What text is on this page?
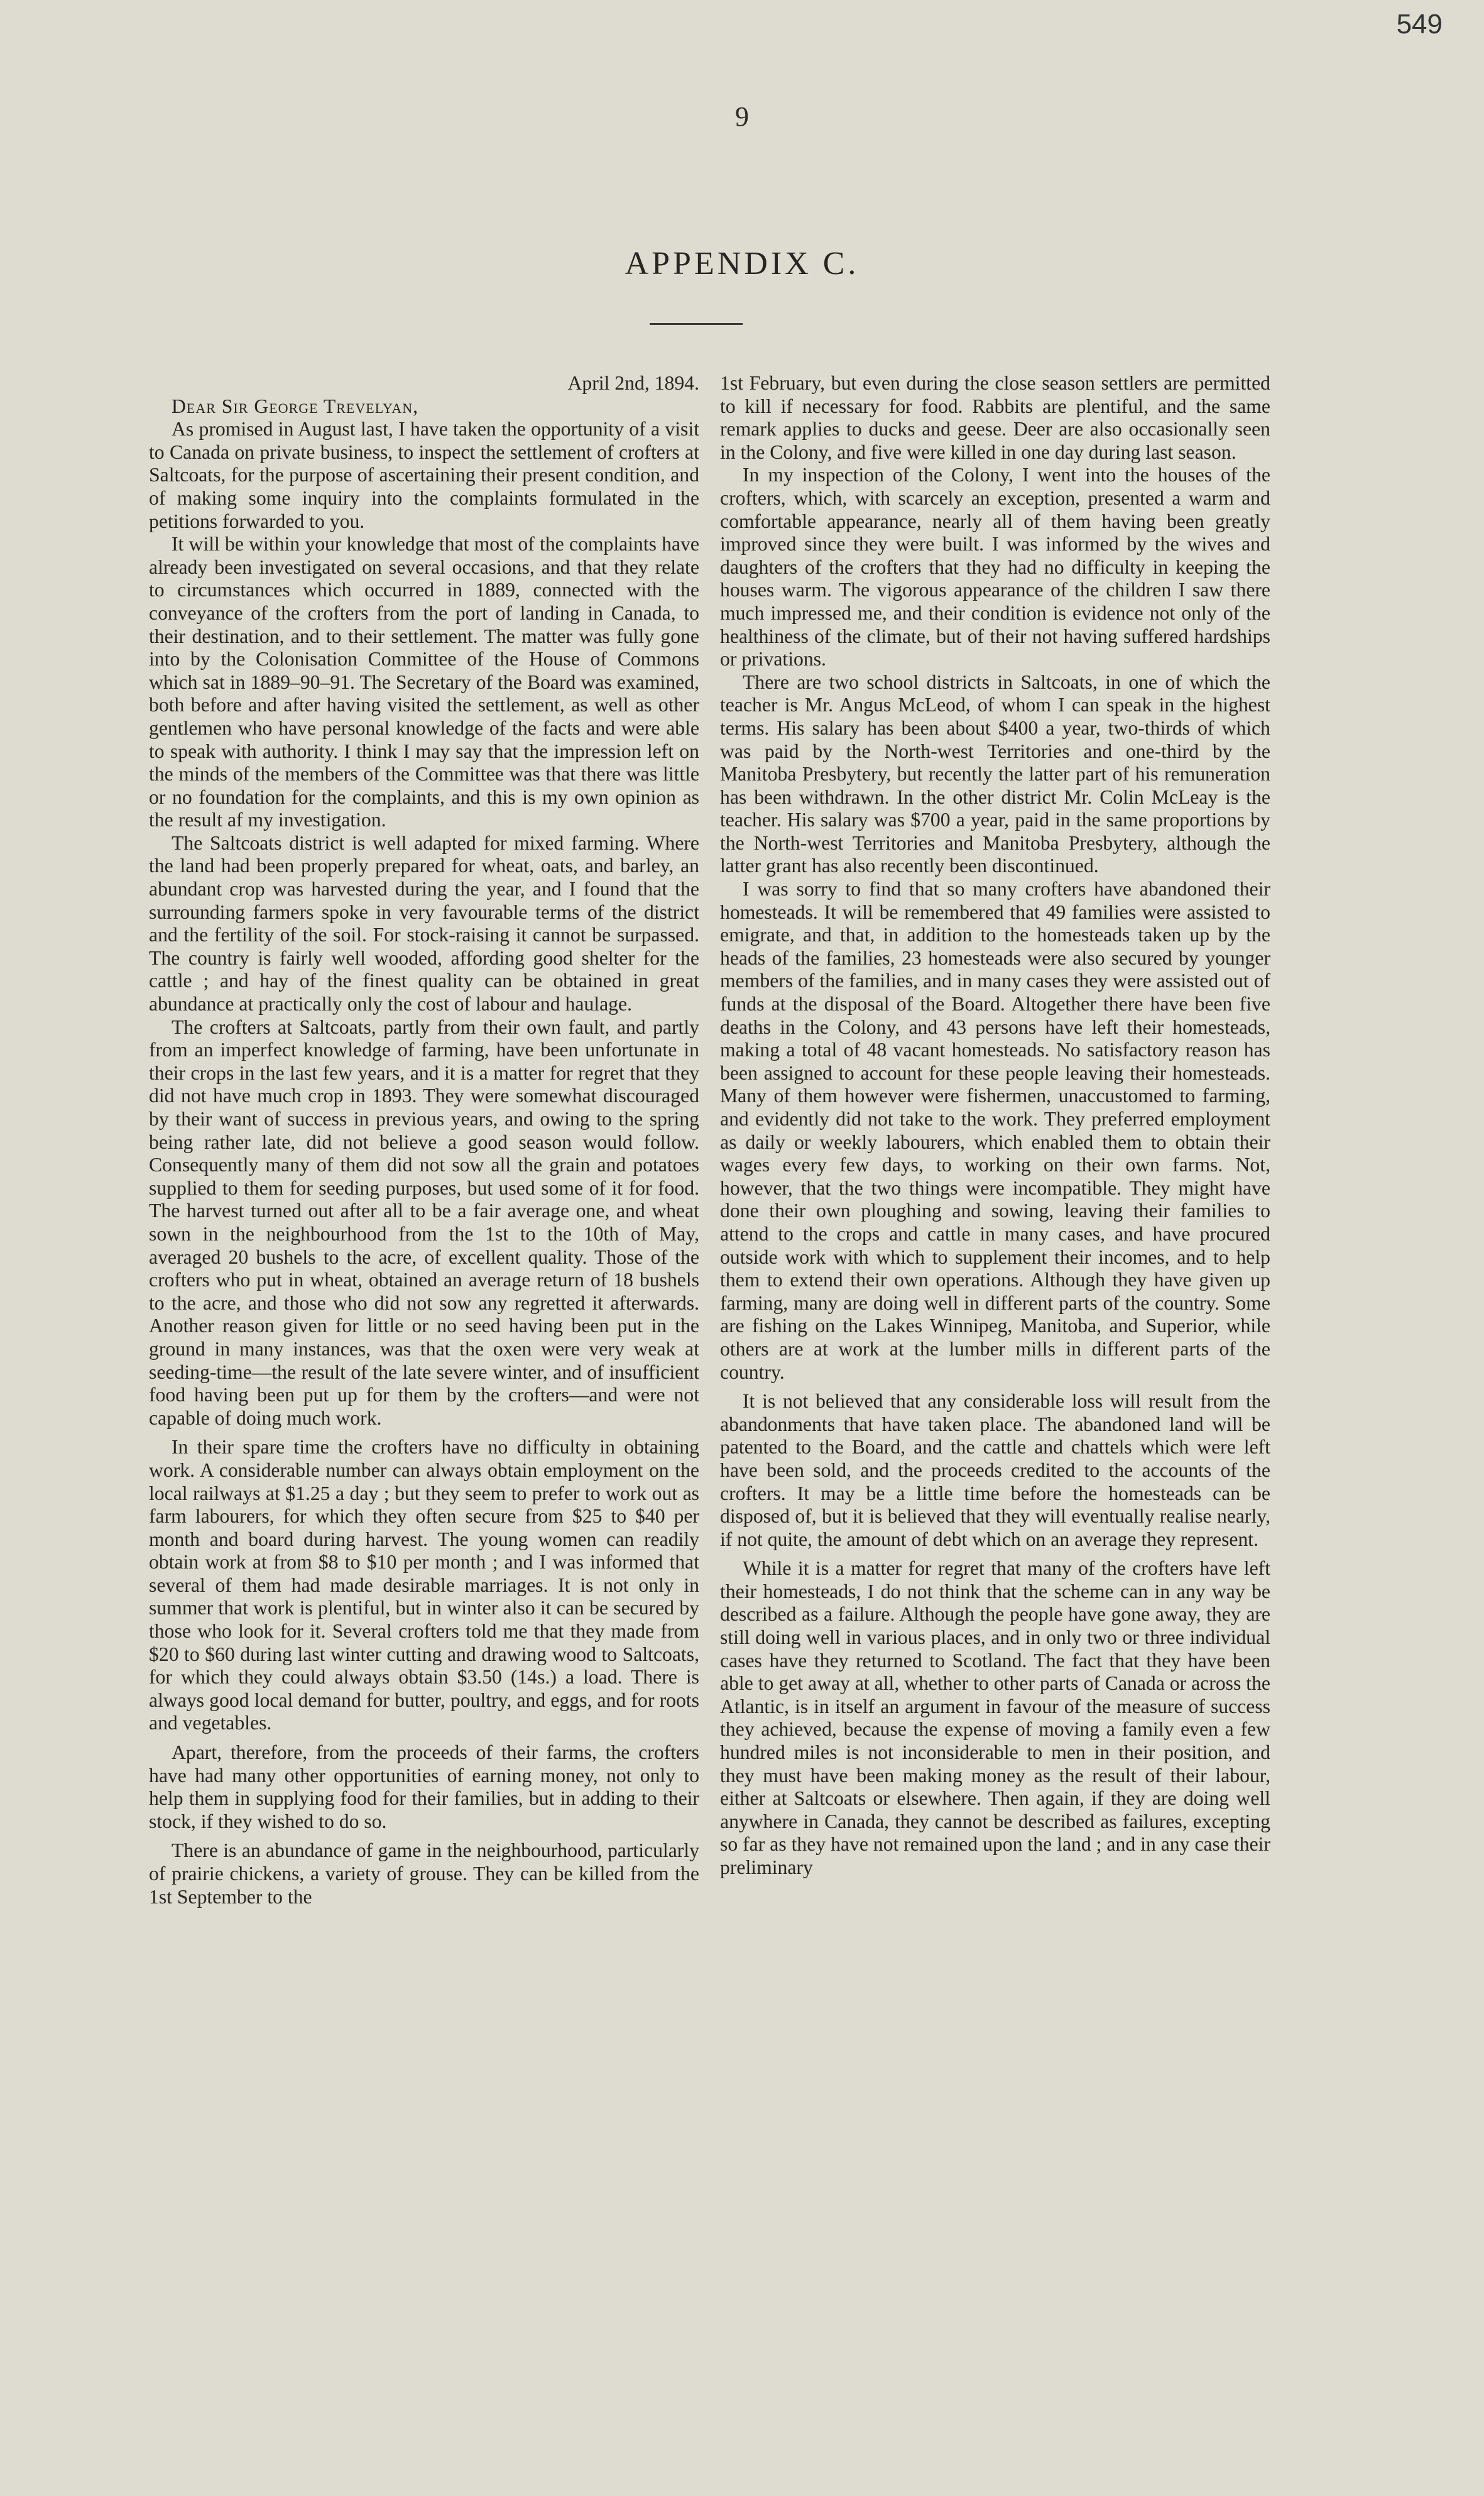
549
9
APPENDIX C.

April 2nd, 1894.

Dear Sir George Trevelyan,

As promised in August last, I have taken the opportunity of a visit to Canada on private business, to inspect the settlement of crofters at Saltcoats, for the purpose of ascertaining their present condition, and of making some inquiry into the complaints formulated in the petitions forwarded to you.

It will be within your knowledge that most of the complaints have already been investigated on several occasions, and that they relate to circumstances which occurred in 1889, connected with the conveyance of the crofters from the port of landing in Canada, to their destination, and to their settlement. The matter was fully gone into by the Colonisation Committee of the House of Commons which sat in 1889–90–91. The Secretary of the Board was examined, both before and after having visited the settlement, as well as other gentlemen who have personal knowledge of the facts and were able to speak with authority. I think I may say that the impression left on the minds of the members of the Committee was that there was little or no foundation for the complaints, and this is my own opinion as the result af my investigation.

The Saltcoats district is well adapted for mixed farming. Where the land had been properly prepared for wheat, oats, and barley, an abundant crop was harvested during the year, and I found that the surrounding farmers spoke in very favourable terms of the district and the fertility of the soil. For stock-raising it cannot be surpassed. The country is fairly well wooded, affording good shelter for the cattle ; and hay of the finest quality can be obtained in great abundance at practically only the cost of labour and haulage.

The crofters at Saltcoats, partly from their own fault, and partly from an imperfect knowledge of farming, have been unfortunate in their crops in the last few years, and it is a matter for regret that they did not have much crop in 1893. They were somewhat discouraged by their want of success in previous years, and owing to the spring being rather late, did not believe a good season would follow. Consequently many of them did not sow all the grain and potatoes supplied to them for seeding purposes, but used some of it for food. The harvest turned out after all to be a fair average one, and wheat sown in the neighbourhood from the 1st to the 10th of May, averaged 20 bushels to the acre, of excellent quality. Those of the crofters who put in wheat, obtained an average return of 18 bushels to the acre, and those who did not sow any regretted it afterwards. Another reason given for little or no seed having been put in the ground in many instances, was that the oxen were very weak at seeding-time—the result of the late severe winter, and of insufficient food having been put up for them by the crofters—and were not capable of doing much work.

In their spare time the crofters have no difficulty in obtaining work. A considerable number can always obtain employment on the local railways at $1.25 a day ; but they seem to prefer to work out as farm labourers, for which they often secure from $25 to $40 per month and board during harvest. The young women can readily obtain work at from $8 to $10 per month ; and I was informed that several of them had made desirable marriages. It is not only in summer that work is plentiful, but in winter also it can be secured by those who look for it. Several crofters told me that they made from $20 to $60 during last winter cutting and drawing wood to Saltcoats, for which they could always obtain $3.50 (14s.) a load. There is always good local demand for butter, poultry, and eggs, and for roots and vegetables.

Apart, therefore, from the proceeds of their farms, the crofters have had many other opportunities of earning money, not only to help them in supplying food for their families, but in adding to their stock, if they wished to do so.

There is an abundance of game in the neighbourhood, particularly of prairie chickens, a variety of grouse. They can be killed from the 1st September to the

1st February, but even during the close season settlers are permitted to kill if necessary for food. Rabbits are plentiful, and the same remark applies to ducks and geese. Deer are also occasionally seen in the Colony, and five were killed in one day during last season.

In my inspection of the Colony, I went into the houses of the crofters, which, with scarcely an exception, presented a warm and comfortable appearance, nearly all of them having been greatly improved since they were built. I was informed by the wives and daughters of the crofters that they had no difficulty in keeping the houses warm. The vigorous appearance of the children I saw there much impressed me, and their condition is evidence not only of the healthiness of the climate, but of their not having suffered hardships or privations.

There are two school districts in Saltcoats, in one of which the teacher is Mr. Angus McLeod, of whom I can speak in the highest terms. His salary has been about $400 a year, two-thirds of which was paid by the North-west Territories and one-third by the Manitoba Presbytery, but recently the latter part of his remuneration has been withdrawn. In the other district Mr. Colin McLeay is the teacher. His salary was $700 a year, paid in the same proportions by the North-west Territories and Manitoba Presbytery, although the latter grant has also recently been discontinued.

I was sorry to find that so many crofters have abandoned their homesteads. It will be remembered that 49 families were assisted to emigrate, and that, in addition to the homesteads taken up by the heads of the families, 23 homesteads were also secured by younger members of the families, and in many cases they were assisted out of funds at the disposal of the Board. Altogether there have been five deaths in the Colony, and 43 persons have left their homesteads, making a total of 48 vacant homesteads. No satisfactory reason has been assigned to account for these people leaving their homesteads. Many of them however were fishermen, unaccustomed to farming, and evidently did not take to the work. They preferred employment as daily or weekly labourers, which enabled them to obtain their wages every few days, to working on their own farms. Not, however, that the two things were incompatible. They might have done their own ploughing and sowing, leaving their families to attend to the crops and cattle in many cases, and have procured outside work with which to supplement their incomes, and to help them to extend their own operations. Although they have given up farming, many are doing well in different parts of the country. Some are fishing on the Lakes Winnipeg, Manitoba, and Superior, while others are at work at the lumber mills in different parts of the country.

It is not believed that any considerable loss will result from the abandonments that have taken place. The abandoned land will be patented to the Board, and the cattle and chattels which were left have been sold, and the proceeds credited to the accounts of the crofters. It may be a little time before the homesteads can be disposed of, but it is believed that they will eventually realise nearly, if not quite, the amount of debt which on an average they represent.

While it is a matter for regret that many of the crofters have left their homesteads, I do not think that the scheme can in any way be described as a failure. Although the people have gone away, they are still doing well in various places, and in only two or three individual cases have they returned to Scotland. The fact that they have been able to get away at all, whether to other parts of Canada or across the Atlantic, is in itself an argument in favour of the measure of success they achieved, because the expense of moving a family even a few hundred miles is not inconsiderable to men in their position, and they must have been making money as the result of their labour, either at Saltcoats or elsewhere. Then again, if they are doing well anywhere in Canada, they cannot be described as failures, excepting so far as they have not remained upon the land ; and in any case their preliminary
